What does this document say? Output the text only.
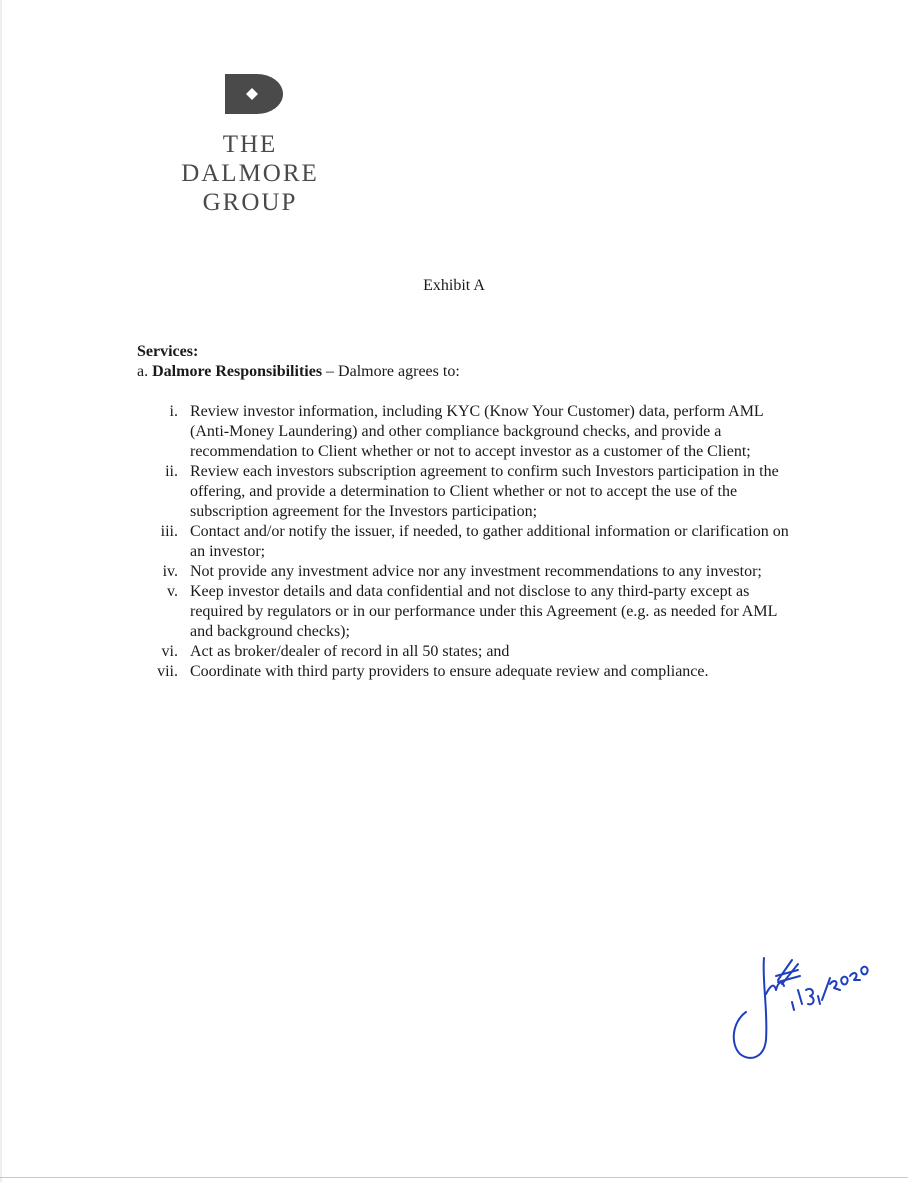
THE
DALMORE
GROUP
Exhibit A
Services:
a. Dalmore Responsibilities – Dalmore agrees to:
i. Review investor information, including KYC (Know Your Customer) data, perform AML (Anti-Money Laundering) and other compliance background checks, and provide a recommendation to Client whether or not to accept investor as a customer of the Client;
ii. Review each investors subscription agreement to confirm such Investors participation in the offering, and provide a determination to Client whether or not to accept the use of the subscription agreement for the Investors participation;
iii. Contact and/or notify the issuer, if needed, to gather additional information or clarification on an investor;
iv. Not provide any investment advice nor any investment recommendations to any investor;
v. Keep investor details and data confidential and not disclose to any third-party except as required by regulators or in our performance under this Agreement (e.g. as needed for AML and background checks);
vi. Act as broker/dealer of record in all 50 states; and
vii. Coordinate with third party providers to ensure adequate review and compliance.
